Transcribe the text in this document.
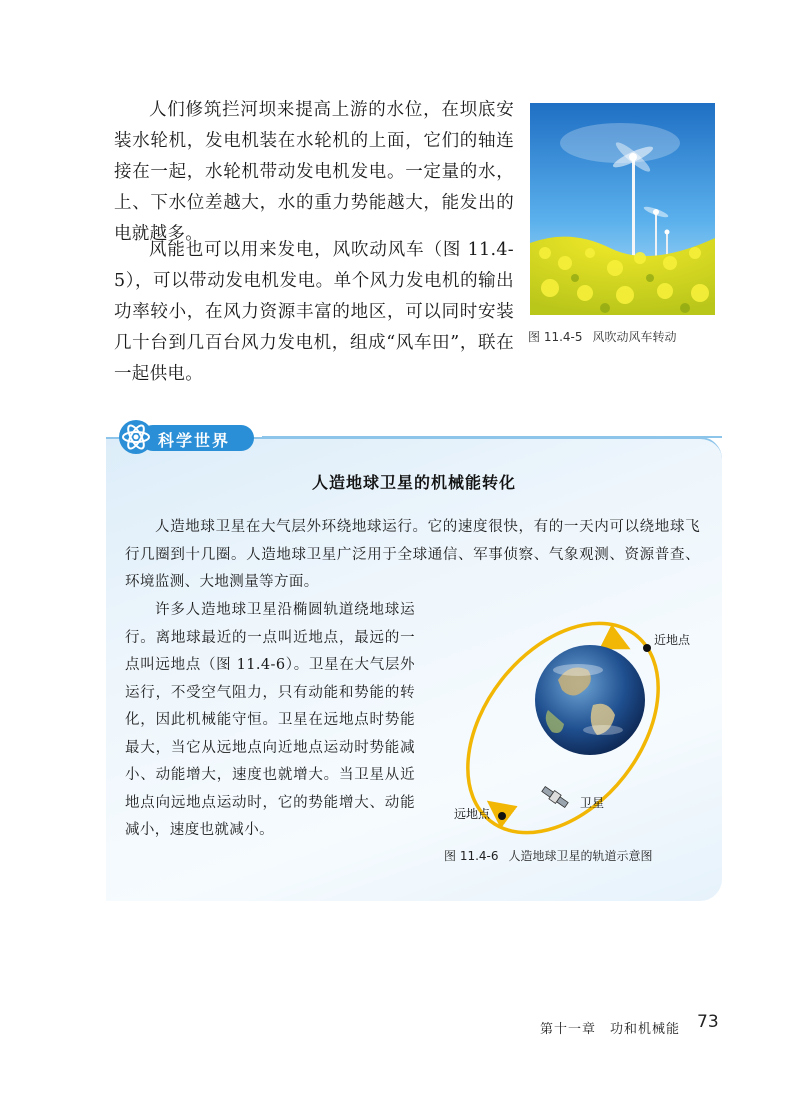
人们修筑拦河坝来提高上游的水位，在坝底安装水轮机，发电机装在水轮机的上面，它们的轴连接在一起，水轮机带动发电机发电。一定量的水，上、下水位差越大，水的重力势能越大，能发出的电就越多。

风能也可以用来发电，风吹动风车（图 11.4-5），可以带动发电机发电。单个风力发电机的输出功率较小，在风力资源丰富的地区，可以同时安装几十台到几百台风力发电机，组成“风车田”，联在一起供电。

图 11.4-5 风吹动风车转动
科学世界
人造地球卫星的机械能转化

人造地球卫星在大气层外环绕地球运行。它的速度很快，有的一天内可以绕地球飞行几圈到十几圈。人造地球卫星广泛用于全球通信、军事侦察、气象观测、资源普查、环境监测、大地测量等方面。

许多人造地球卫星沿椭圆轨道绕地球运行。离地球最近的一点叫近地点，最远的一点叫远地点（图 11.4-6）。卫星在大气层外运行，不受空气阻力，只有动能和势能的转化，因此机械能守恒。卫星在远地点时势能最大，当它从远地点向近地点运动时势能减小、动能增大，速度也就增大。当卫星从近地点向远地点运动时，它的势能增大、动能减小，速度也就减小。

近地点
远地点
卫星
图 11.4-6 人造地球卫星的轨道示意图
第十一章　功和机械能 73
